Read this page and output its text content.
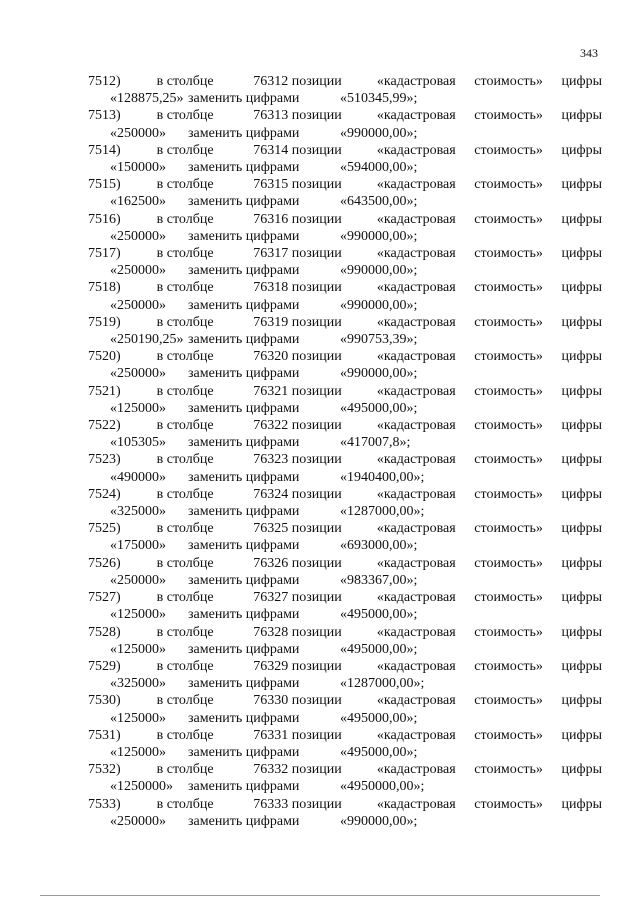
343
7512)	в столбце	76312 позиции	«кадастровая стоимость» цифры
«128875,25» заменить цифрами	«510345,99»;
7513)	в столбце	76313 позиции	«кадастровая стоимость» цифры
«250000»	заменить цифрами	«990000,00»;
7514)	в столбце	76314 позиции	«кадастровая стоимость» цифры
«150000»	заменить цифрами	«594000,00»;
7515)	в столбце	76315 позиции	«кадастровая стоимость» цифры
«162500»	заменить цифрами	«643500,00»;
7516)	в столбце	76316 позиции	«кадастровая стоимость» цифры
«250000»	заменить цифрами	«990000,00»;
7517)	в столбце	76317 позиции	«кадастровая стоимость» цифры
«250000»	заменить цифрами	«990000,00»;
7518)	в столбце	76318 позиции	«кадастровая стоимость» цифры
«250000»	заменить цифрами	«990000,00»;
7519)	в столбце	76319 позиции	«кадастровая стоимость» цифры
«250190,25» заменить цифрами	«990753,39»;
7520)	в столбце	76320 позиции	«кадастровая стоимость» цифры
«250000»	заменить цифрами	«990000,00»;
7521)	в столбце	76321 позиции	«кадастровая стоимость» цифры
«125000»	заменить цифрами	«495000,00»;
7522)	в столбце	76322 позиции	«кадастровая стоимость» цифры
«105305»	заменить цифрами	«417007,8»;
7523)	в столбце	76323 позиции	«кадастровая стоимость» цифры
«490000»	заменить цифрами	«1940400,00»;
7524)	в столбце	76324 позиции	«кадастровая стоимость» цифры
«325000»	заменить цифрами	«1287000,00»;
7525)	в столбце	76325 позиции	«кадастровая стоимость» цифры
«175000»	заменить цифрами	«693000,00»;
7526)	в столбце	76326 позиции	«кадастровая стоимость» цифры
«250000»	заменить цифрами	«983367,00»;
7527)	в столбце	76327 позиции	«кадастровая стоимость» цифры
«125000»	заменить цифрами	«495000,00»;
7528)	в столбце	76328 позиции	«кадастровая стоимость» цифры
«125000»	заменить цифрами	«495000,00»;
7529)	в столбце	76329 позиции	«кадастровая стоимость» цифры
«325000»	заменить цифрами	«1287000,00»;
7530)	в столбце	76330 позиции	«кадастровая стоимость» цифры
«125000»	заменить цифрами	«495000,00»;
7531)	в столбце	76331 позиции	«кадастровая стоимость» цифры
«125000»	заменить цифрами	«495000,00»;
7532)	в столбце	76332 позиции	«кадастровая стоимость» цифры
«1250000»	заменить цифрами	«4950000,00»;
7533)	в столбце	76333 позиции	«кадастровая стоимость» цифры
«250000»	заменить цифрами	«990000,00»;
